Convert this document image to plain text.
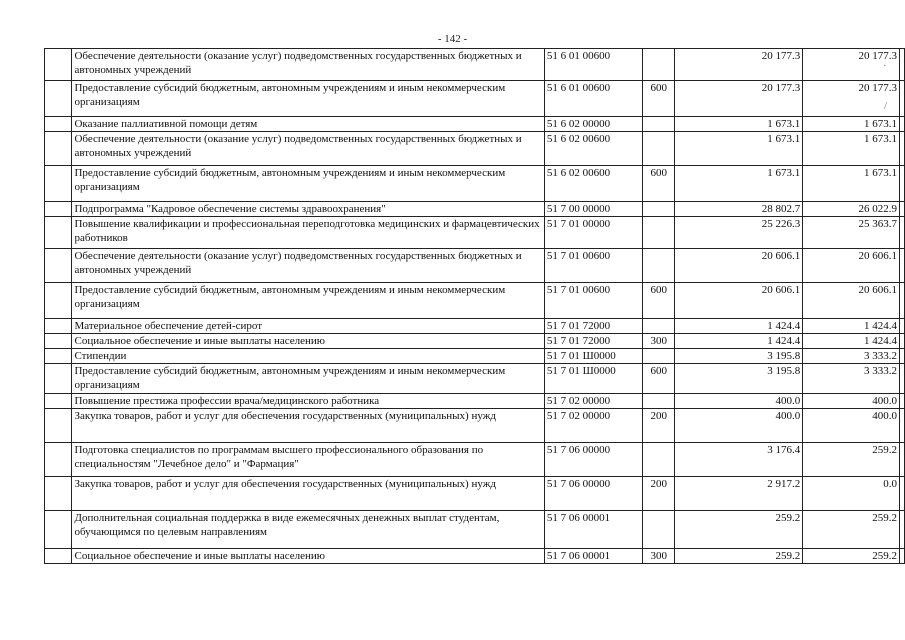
- 142 -
	Обеспечение деятельности (оказание услуг) подведомственных государственных бюджетных и автономных учреждений	51 6 01 00600		20 177.3	20 177.3	
	Предоставление субсидий бюджетным, автономным учреждениям и иным некоммерческим организациям	51 6 01 00600	600	20 177.3	20 177.3	
	Оказание паллиативной помощи детям	51 6 02 00000		1 673.1	1 673.1	
	Обеспечение деятельности (оказание услуг) подведомственных государственных бюджетных и автономных учреждений	51 6 02 00600		1 673.1	1 673.1	
	Предоставление субсидий бюджетным, автономным учреждениям и иным некоммерческим организациям	51 6 02 00600	600	1 673.1	1 673.1	
	Подпрограмма "Кадровое обеспечение системы здравоохранения"	51 7 00 00000		28 802.7	26 022.9	
	Повышение квалификации и профессиональная переподготовка медицинских и фармацевтических работников	51 7 01 00000		25 226.3	25 363.7	
	Обеспечение деятельности (оказание услуг) подведомственных государственных бюджетных и автономных учреждений	51 7 01 00600		20 606.1	20 606.1	
	Предоставление субсидий бюджетным, автономным учреждениям и иным некоммерческим организациям	51 7 01 00600	600	20 606.1	20 606.1	
	Материальное обеспечение детей-сирот	51 7 01 72000		1 424.4	1 424.4	
	Социальное обеспечение и иные выплаты населению	51 7 01 72000	300	1 424.4	1 424.4	
	Стипендии	51 7 01 Ш0000		3 195.8	3 333.2	
	Предоставление субсидий бюджетным, автономным учреждениям и иным некоммерческим организациям	51 7 01 Ш0000	600	3 195.8	3 333.2	
	Повышение престижа профессии врача/медицинского работника	51 7 02 00000		400.0	400.0	
	Закупка товаров, работ и услуг для обеспечения государственных (муниципальных) нужд	51 7 02 00000	200	400.0	400.0	
	Подготовка специалистов по программам высшего профессионального образования по специальностям "Лечебное дело" и "Фармация"	51 7 06 00000		3 176.4	259.2	
	Закупка товаров, работ и услуг для обеспечения государственных (муниципальных) нужд	51 7 06 00000	200	2 917.2	0.0	
	Дополнительная социальная поддержка в виде ежемесячных денежных выплат студентам, обучающимся по целевым направлениям	51 7 06 00001		259.2	259.2	
	Социальное обеспечение и иные выплаты населению	51 7 06 00001	300	259.2	259.2	
·
/
